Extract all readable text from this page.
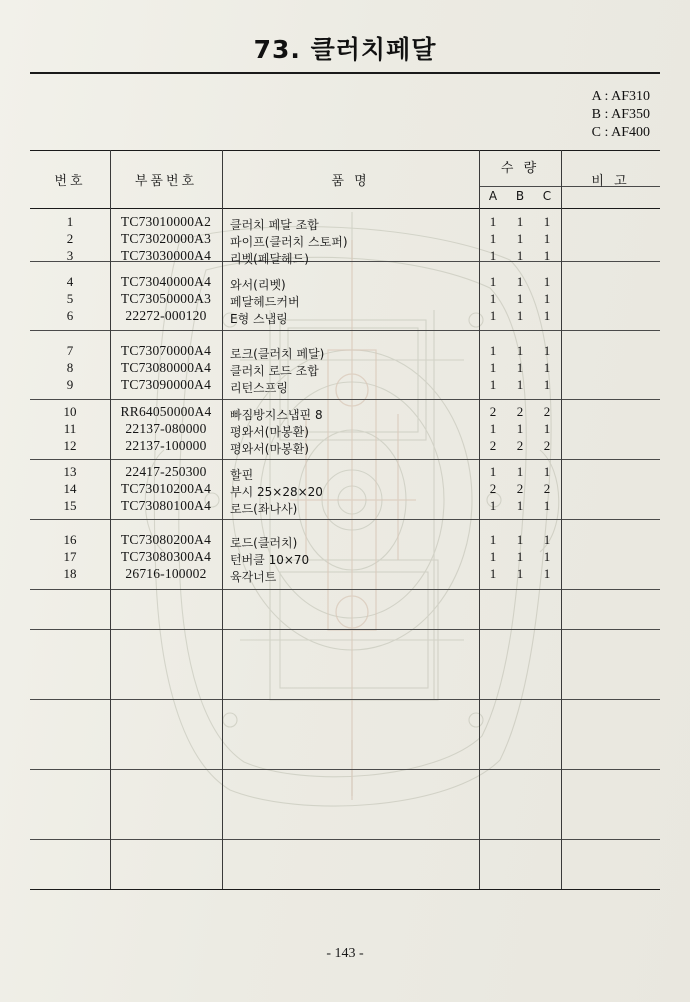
73. 클러치페달
A : AF310
B : AF350
C : AF400
번호	부품번호	품 명
수 량
A	B	C
비 고
1	TC73010000A2	클러치 페달 조합	1	1	1
2	TC73020000A3	파이프(클러치 스토퍼)	1	1	1
3	TC73030000A4	리벳(페달헤드)	1	1	1
4	TC73040000A4	와서(리벳)	1	1	1
5	TC73050000A3	페달헤드커버	1	1	1
6	22272-000120	E형 스냅링	1	1	1
7	TC73070000A4	로크(클러치 페달)	1	1	1
8	TC73080000A4	클러치 로드 조합	1	1	1
9	TC73090000A4	리턴스프링	1	1	1
10	RR64050000A4	빠짐방지스냅핀 8	2	2	2
11	22137-080000	평와서(마봉환)	1	1	1
12	22137-100000	평와서(마봉환)	2	2	2
13	22417-250300	할핀	1	1	1
14	TC73010200A4	부시 25×28×20	2	2	2
15	TC73080100A4	로드(좌나사)	1	1	1
16	TC73080200A4	로드(클러치)	1	1	1
17	TC73080300A4	턴버클 10×70	1	1	1
18	26716-100002	육각너트	1	1	1
- 143 -
